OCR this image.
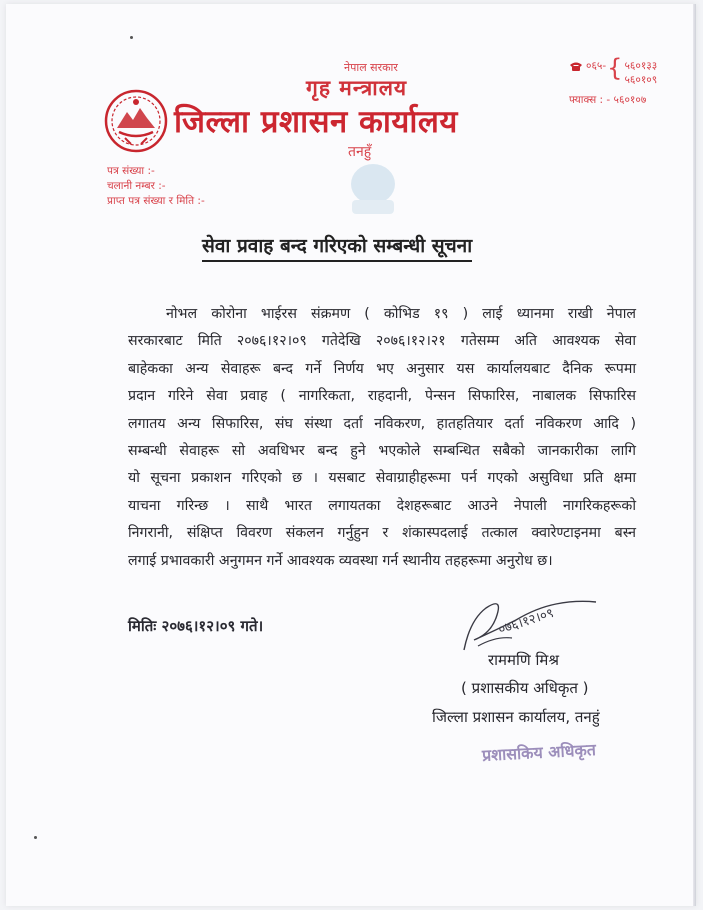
नेपाल सरकार
गृह मन्त्रालय
जिल्ला प्रशासन कार्यालय
तनहुँ
०६५- { ५६०१३३
५६०१०९
फ्याक्स : - ५६०१०७
पत्र संख्या :-
चलानी नम्बर :-
प्राप्त पत्र संख्या र मिति :-
सेवा प्रवाह बन्द गरिएको सम्बन्धी सूचना
नोभल कोरोना भाईरस संक्रमण ( कोभिड १९ ) लाई ध्यानमा राखी नेपाल
सरकारबाट मिति २०७६।१२।०९ गतेदेखि २०७६।१२।२१ गतेसम्म अति आवश्यक सेवा
बाहेकका अन्य सेवाहरू बन्द गर्ने निर्णय भए अनुसार यस कार्यालयबाट दैनिक रूपमा
प्रदान गरिने सेवा प्रवाह ( नागरिकता, राहदानी, पेन्सन सिफारिस, नाबालक सिफारिस
लगातय अन्य सिफारिस, संघ संस्था दर्ता नविकरण, हातहतियार दर्ता नविकरण आदि )
सम्बन्धी सेवाहरू सो अवधिभर बन्द हुने भएकोले सम्बन्धित सबैको जानकारीका लागि
यो सूचना प्रकाशन गरिएको छ । यसबाट सेवाग्राहीहरूमा पर्न गएको असुविधा प्रति क्षमा
याचना गरिन्छ । साथै भारत लगायतका देशहरूबाट आउने नेपाली नागरिकहरूको
निगरानी, संक्षिप्त विवरण संकलन गर्नुहुन र शंकास्पदलाई तत्काल क्वारेण्टाइनमा बस्न
लगाई प्रभावकारी अनुगमन गर्ने आवश्यक व्यवस्था गर्न स्थानीय तहहरूमा अनुरोध छ।
मितिः २०७६।१२।०९ गते।	०७६।१२।०९
राममणि मिश्र
( प्रशासकीय अधिकृत )
जिल्ला प्रशासन कार्यालय, तनहुं
प्रशासकिय अधिकृत
